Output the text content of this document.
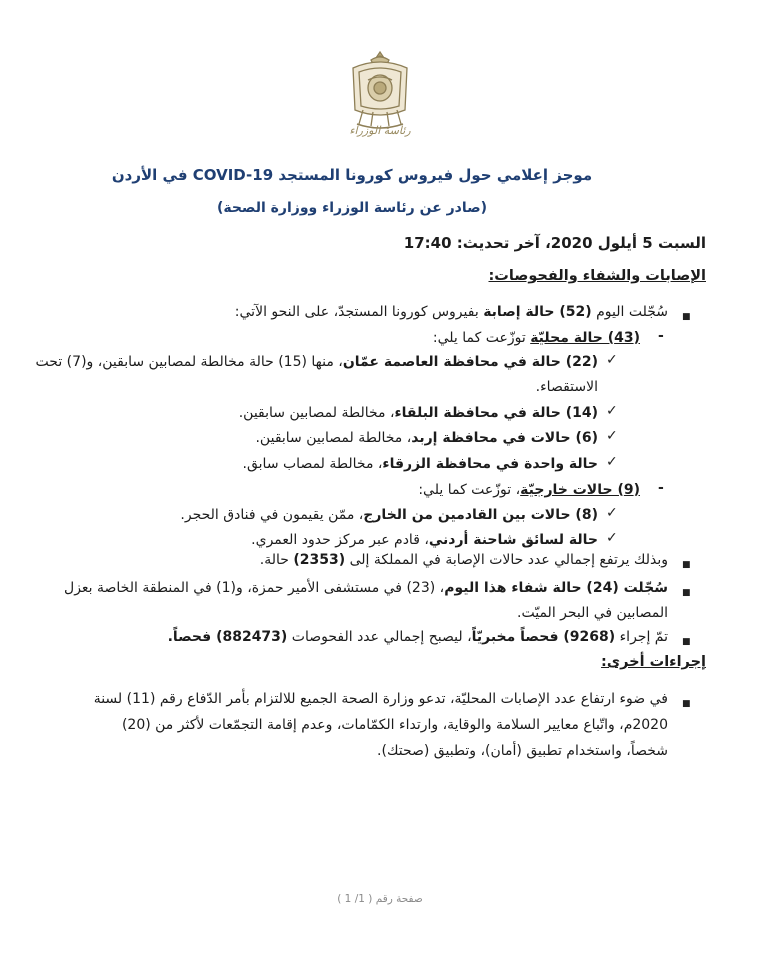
رئاسة الوزراء
موجز إعلامي حول فيروس كورونا المستجد COVID-19 في الأردن
(صادر عن رئاسة الوزراء ووزارة الصحة)
السبت 5 أيلول 2020، آخر تحديث: 17:40
الإصابات والشفاء والفحوصات:
■
سُجّلت اليوم (52) حالة إصابة بفيروس كورونا المستجدّ، على النحو الآتي:
-
(43) حالة محليّة توزّعت كما يلي:
✓
(22) حالة في محافظة العاصمة عمّان، منها (15) حالة مخالطة لمصابين سابقين، و(7) تحت
الاستقصاء.
✓
(14) حالة في محافظة البلقاء، مخالطة لمصابين سابقين.
✓
(6) حالات في محافظة إربد، مخالطة لمصابين سابقين.
✓
حالة واحدة في محافظة الزرقاء، مخالطة لمصاب سابق.
-
(9) حالات خارجيّة، توزّعت كما يلي:
✓
(8) حالات بين القادمين من الخارج، ممّن يقيمون في فنادق الحجر.
✓
حالة لسائق شاحنة أردني، قادم عبر مركز حدود العمري.
■
وبذلك يرتفع إجمالي عدد حالات الإصابة في المملكة إلى (2353) حالة.
■
سُجّلت (24) حالة شفاء هذا اليوم، (23) في مستشفى الأمير حمزة، و(1) في المنطقة الخاصة بعزل
المصابين في البحر الميّت.
■
تمّ إجراء (9268) فحصاً مخبريّاً، ليصبح إجمالي عدد الفحوصات (882473) فحصاً.
إجراءات أخرى:
■
في ضوء ارتفاع عدد الإصابات المحليّة، تدعو وزارة الصحة الجميع للالتزام بأمر الدّفاع رقم (11) لسنة
2020م، واتّباع معايير السلامة والوقاية، وارتداء الكمّامات، وعدم إقامة التجمّعات لأكثر من (20)
شخصاً، واستخدام تطبيق (أمان)، وتطبيق (صحتك).
صفحة رقم ( 1/ 1 )
